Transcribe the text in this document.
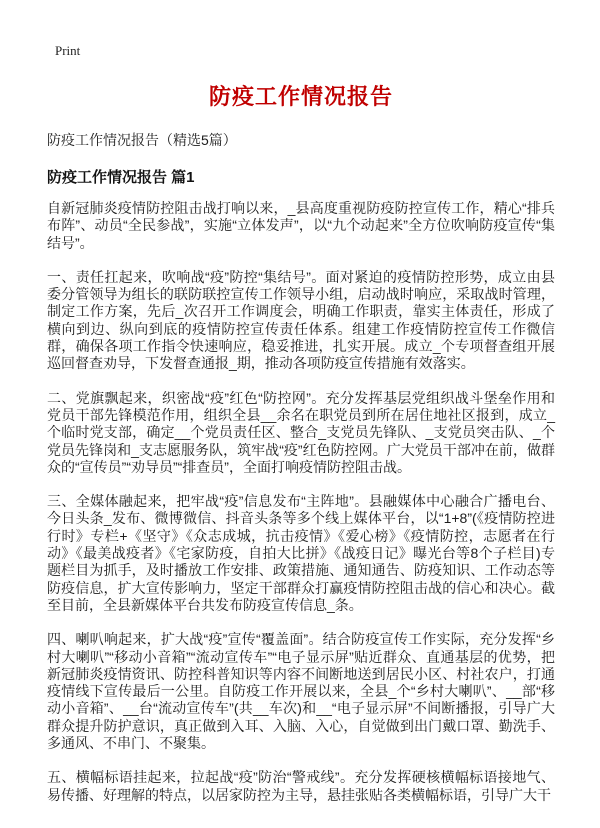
Print
防疫工作情况报告

防疫工作情况报告（精选5篇）

防疫工作情况报告 篇1

自新冠肺炎疫情防控阻击战打响以来，_县高度重视防疫防控宣传工作，精心“排兵布阵”、动员“全民参战”，实施“立体发声”，以“九个动起来”全方位吹响防疫宣传“集结号”。

一、责任扛起来，吹响战“疫”防控“集结号”。面对紧迫的疫情防控形势，成立由县委分管领导为组长的联防联控宣传工作领导小组，启动战时响应，采取战时管理，制定工作方案，先后_次召开工作调度会，明确工作职责，靠实主体责任，形成了横向到边、纵向到底的疫情防控宣传责任体系。组建工作疫情防控宣传工作微信群，确保各项工作指令快速响应，稳妥推进，扎实开展。成立_个专项督查组开展巡回督查劝导，下发督查通报_期，推动各项防疫宣传措施有效落实。

二、党旗飘起来，织密战“疫”红色“防控网”。充分发挥基层党组织战斗堡垒作用和党员干部先锋模范作用，组织全县__余名在职党员到所在居住地社区报到，成立_个临时党支部，确定__个党员责任区、整合_支党员先锋队、_支党员突击队、_个党员先锋岗和_支志愿服务队，筑牢战“疫”红色防控网。广大党员干部冲在前，做群众的“宣传员”“劝导员”“排查员”，全面打响疫情防控阻击战。

三、全媒体融起来，把牢战“疫”信息发布“主阵地”。县融媒体中心融合广播电台、今日头条_发布、微博微信、抖音头条等多个线上媒体平台，以“1+8”(《疫情防控进行时》专栏+《坚守》《众志成城，抗击疫情》《爱心榜》《疫情防控，志愿者在行动》《最美战疫者》《宅家防疫，自拍大比拼》《战疫日记》曝光台等8个子栏目)专题栏目为抓手，及时播放工作安排、政策措施、通知通告、防疫知识、工作动态等防疫信息，扩大宣传影响力，坚定干部群众打赢疫情防控阻击战的信心和决心。截至目前，全县新媒体平台共发布防疫宣传信息_条。

四、喇叭响起来，扩大战“疫”宣传“覆盖面”。结合防疫宣传工作实际，充分发挥“乡村大喇叭”“移动小音箱”“流动宣传车”“电子显示屏”贴近群众、直通基层的优势，把新冠肺炎疫情资讯、防控科普知识等内容不间断地送到居民小区、村社农户，打通疫情线下宣传最后一公里。自防疫工作开展以来，全县_个“乡村大喇叭”、__部“移动小音箱”、__台“流动宣传车”(共__车次)和__“电子显示屏”不间断播报，引导广大群众提升防护意识，真正做到入耳、入脑、入心，自觉做到出门戴口罩、勤洗手、多通风、不串门、不聚集。

五、横幅标语挂起来，拉起战“疫”防治“警戒线”。充分发挥硬核横幅标语接地气、易传播、好理解的特点，以居家防控为主导，悬挂张贴各类横幅标语，引导广大干
